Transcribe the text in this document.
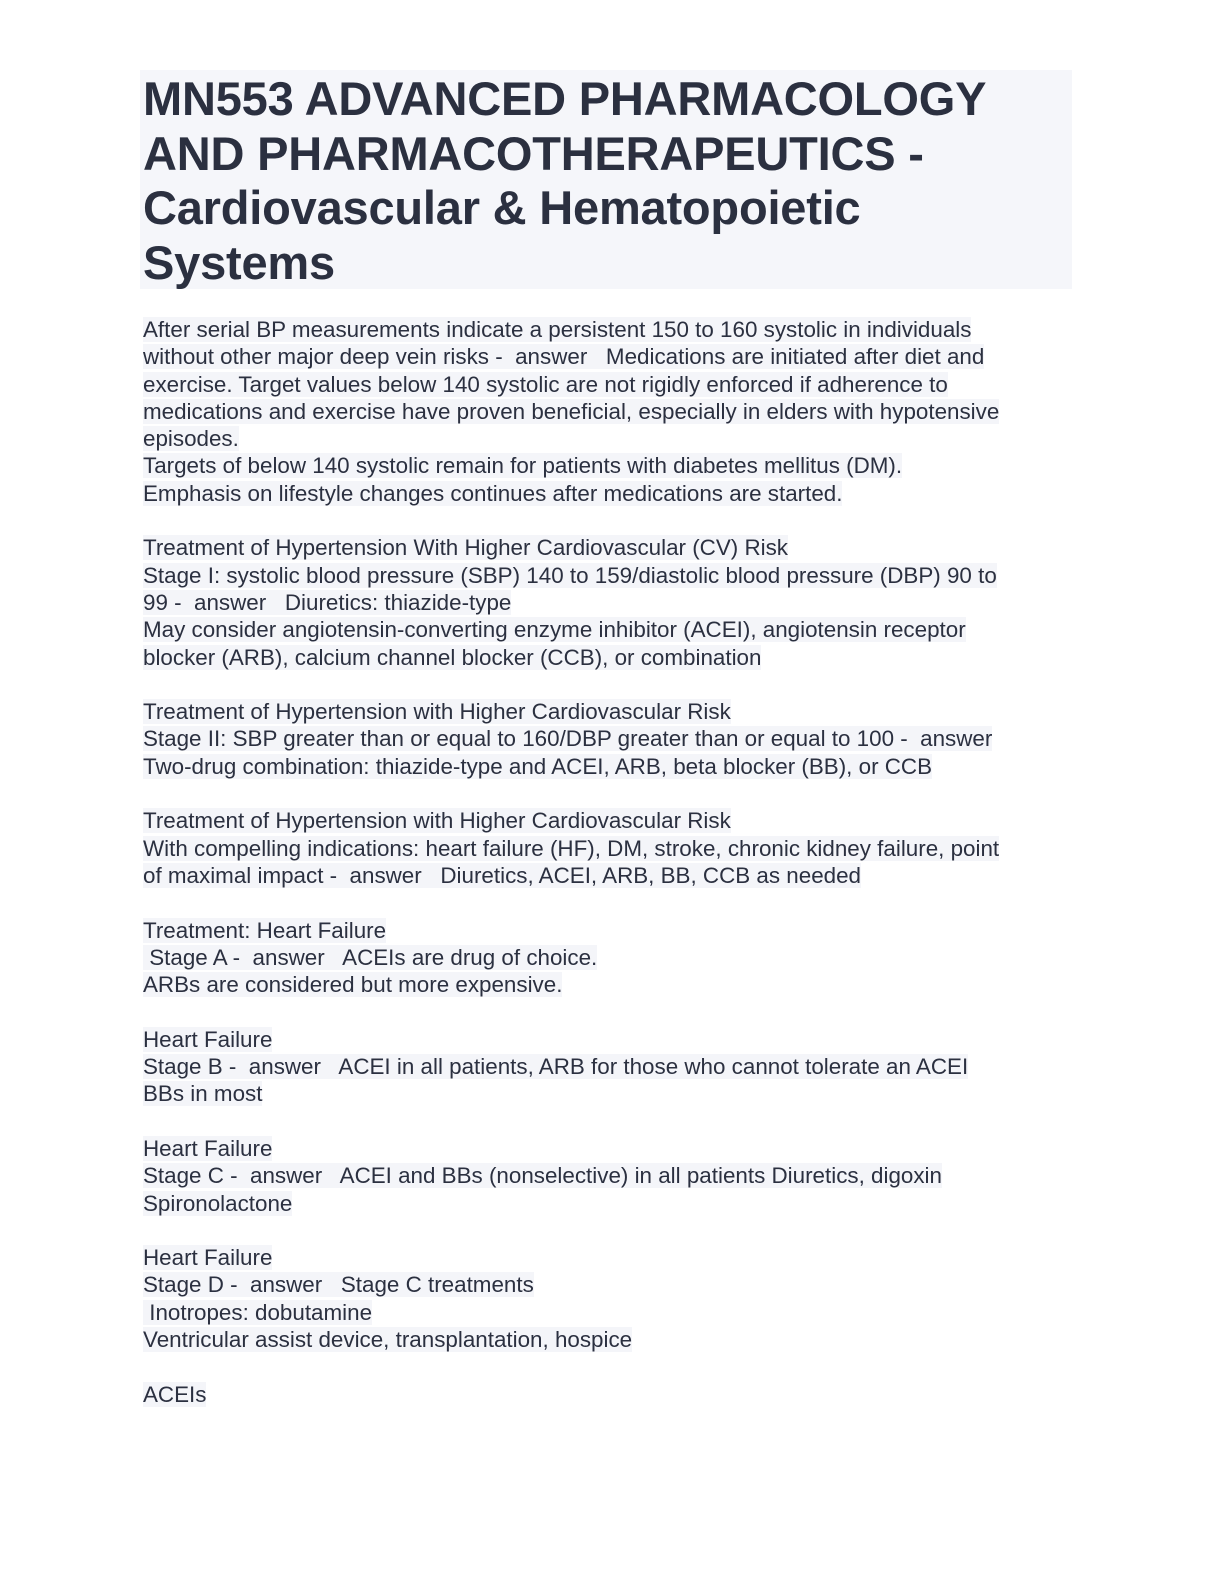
MN553 ADVANCED PHARMACOLOGY
AND PHARMACOTHERAPEUTICS -
Cardiovascular & Hematopoietic
Systems
After serial BP measurements indicate a persistent 150 to 160 systolic in individuals
without other major deep vein risks -  answer   Medications are initiated after diet and
exercise. Target values below 140 systolic are not rigidly enforced if adherence to
medications and exercise have proven beneficial, especially in elders with hypotensive
episodes.
Targets of below 140 systolic remain for patients with diabetes mellitus (DM).
Emphasis on lifestyle changes continues after medications are started.
Treatment of Hypertension With Higher Cardiovascular (CV) Risk
Stage I: systolic blood pressure (SBP) 140 to 159/diastolic blood pressure (DBP) 90 to
99 -  answer   Diuretics: thiazide-type
May consider angiotensin-converting enzyme inhibitor (ACEI), angiotensin receptor
blocker (ARB), calcium channel blocker (CCB), or combination
Treatment of Hypertension with Higher Cardiovascular Risk
Stage II: SBP greater than or equal to 160/DBP greater than or equal to 100 -  answer
Two-drug combination: thiazide-type and ACEI, ARB, beta blocker (BB), or CCB
Treatment of Hypertension with Higher Cardiovascular Risk
With compelling indications: heart failure (HF), DM, stroke, chronic kidney failure, point
of maximal impact -  answer   Diuretics, ACEI, ARB, BB, CCB as needed
Treatment: Heart Failure
Stage A -  answer   ACEIs are drug of choice.
ARBs are considered but more expensive.
Heart Failure
Stage B -  answer   ACEI in all patients, ARB for those who cannot tolerate an ACEI
BBs in most
Heart Failure
Stage C -  answer   ACEI and BBs (nonselective) in all patients Diuretics, digoxin
Spironolactone
Heart Failure
Stage D -  answer   Stage C treatments
Inotropes: dobutamine
Ventricular assist device, transplantation, hospice
ACEIs
